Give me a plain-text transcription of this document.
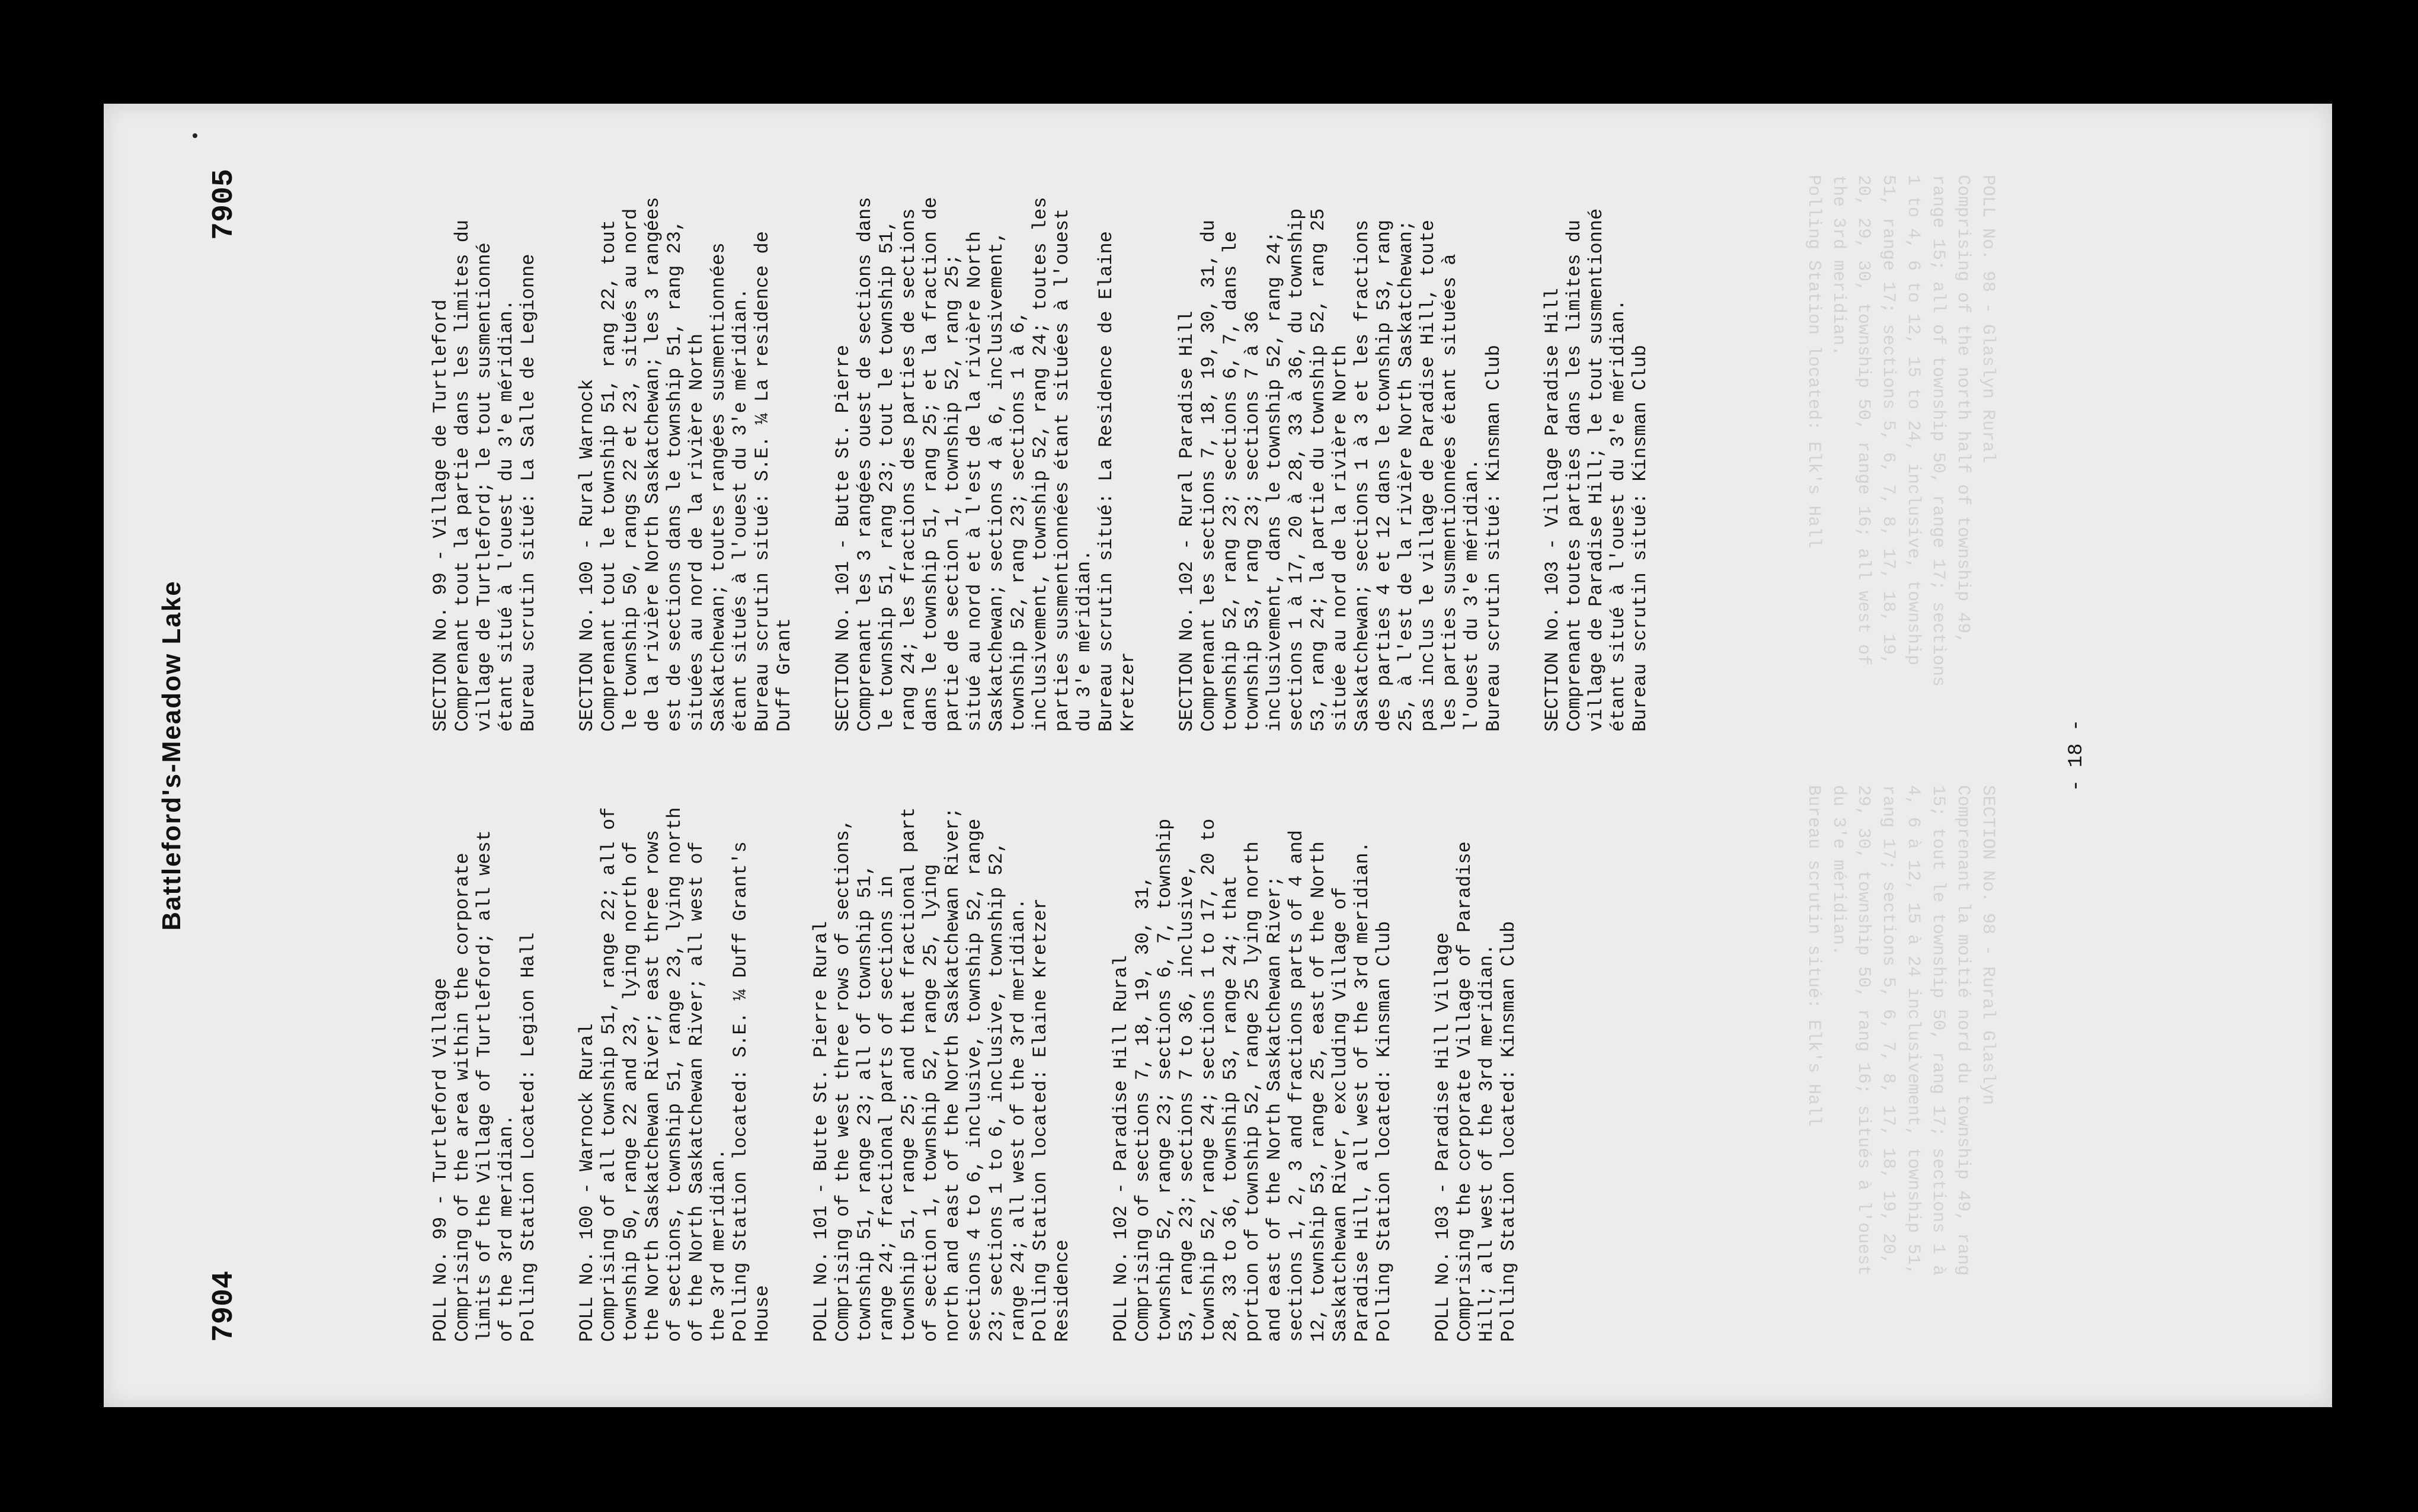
POLL No. 98 - Glaslyn Rural
Comprising of the north half of township 49, range 15; all of township 50, range 17; sections 1 to 4, 6 to 12, 15 to 24, inclusive, township 51, range 17; sections 5, 6, 7, 8, 17, 18, 19, 20, 29, 30, township 50, range 16; all west of the 3rd meridian.
Polling Station located: Elk's Hall

SECTION No. 98 - Rural Glaslyn
Comprenant la moitié nord du township 49, rang 15; tout le township 50, rang 17; sections 1 à 4, 6 à 12, 15 à 24 inclusivement, township 51, rang 17; sections 5, 6, 7, 8, 17, 18, 19, 20, 29, 30, township 50, rang 16; situés à l'ouest du 3'e méridian.
Bureau scrutin situé: Elk's Hall

Battleford's-Meadow Lake
7904
7905
POLL No. 99 - Turtleford Village Comprising of the area within the corporate limits of the Village of Turtleford; all west of the 3rd meridian. Polling Station Located: Legion Hall POLL No. 100 - Warnock Rural Comprising of all township 51, range 22; all of township 50, range 22 and 23, lying north of the North Saskatchewan River; east three rows of sections, township 51, range 23, lying north of the North Saskatchewan River; all west of the 3rd meridian. Polling Station located: S.E. ¼ Duff Grant's House POLL No. 101 - Butte St. Pierre Rural Comprising of the west three rows of sections, township 51, range 23; all of township 51, range 24; fractional parts of sections in township 51, range 25; and that fractional part of section 1, township 52, range 25, lying north and east of the North Saskatchewan River; sections 4 to 6, inclusive, township 52, range 23; sections 1 to 6, inclusive, township 52, range 24; all west of the 3rd meridian. Polling Station located: Elaine Kretzer Residence POLL No. 102 - Paradise Hill Rural Comprising of sections 7, 18, 19, 30, 31, township 52, range 23; sections 6, 7, township 53, range 23; sections 7 to 36, inclusive, township 52, range 24; sections 1 to 17, 20 to 28, 33 to 36, township 53, range 24; that portion of township 52, range 25 lying north and east of the North Saskatchewan River; sections 1, 2, 3 and fractions parts of 4 and 12, township 53, range 25, east of the North Saskatchewan River, excluding Village of Paradise Hill, all west of the 3rd meridian. Polling Station located: Kinsman Club POLL No. 103 - Paradise Hill Village Comprising the corporate Village of Paradise Hill; all west of the 3rd meridian. Polling Station located: Kinsman Club

SECTION No. 99 - Village de Turtleford Comprenant tout la partie dans les limites du village de Turtleford; le tout susmentionné étant situé à l'ouest du 3'e méridian. Bureau scrutin situé: La Salle de Legionne SECTION No. 100 - Rural Warnock Comprenant tout le township 51, rang 22, tout le township 50, rangs 22 et 23, situés au nord de la rivière North Saskatchewan; les 3 rangées est de sections dans le township 51, rang 23, situées au nord de la rivière North Saskatchewan; toutes rangées susmentionnées étant situés à l'ouest du 3'e méridian. Bureau scrutin situé: S.E. ¼ La residence de Duff Grant SECTION No. 101 - Butte St. Pierre Comprenant les 3 rangées ouest de sections dans le township 51, rang 23; tout le township 51, rang 24; les fractions des parties de sections dans le township 51, rang 25; et la fraction de partie de section 1, township 52, rang 25; situé au nord et à l'est de la rivière North Saskatchewan; sections 4 à 6, inclusivement, township 52, rang 23; sections 1 à 6, inclusivement, township 52, rang 24; toutes les parties susmentionnées étant situées à l'ouest du 3'e méridian. Bureau scrutin situé: La Residence de Elaine Kretzer SECTION No. 102 - Rural Paradise Hill Comprenant les sections 7, 18, 19, 30, 31, du township 52, rang 23; sections 6, 7, dans le township 53, rang 23; sections 7 à 36 inclusivement, dans le township 52, rang 24; sections 1 à 17, 20 à 28, 33 à 36, du township 53, rang 24; la partie du township 52, rang 25 située au nord de la rivière North Saskatchewan; sections 1 à 3 et les fractions des parties 4 et 12 dans le township 53, rang 25, à l'est de la rivière North Saskatchewan; pas inclus le village de Paradise Hill, toute les parties susmentionnées étant situées à l'ouest du 3'e méridian. Bureau scrutin situé: Kinsman Club SECTION No. 103 - Village Paradise Hill Comprenant toutes parties dans les limites du village de Paradise Hill; le tout susmentionné étant situé à l'ouest du 3'e méridian. Bureau scrutin situé: Kinsman Club

- 18 -
